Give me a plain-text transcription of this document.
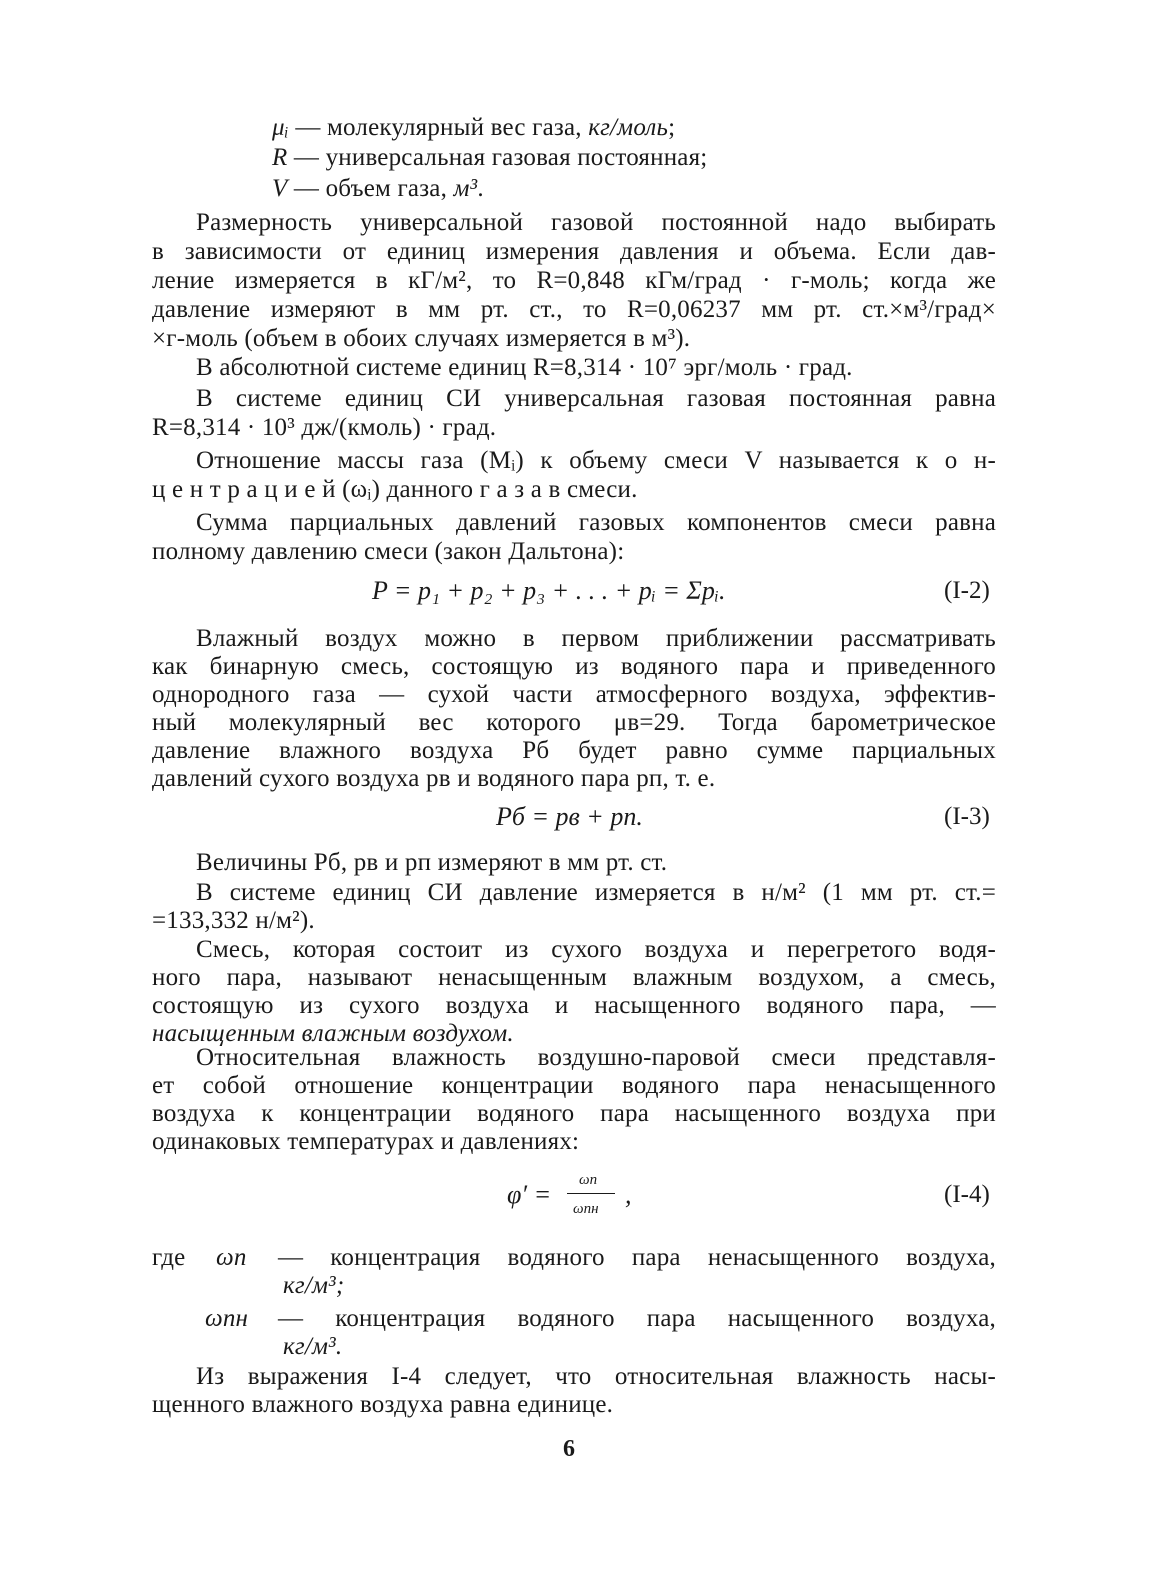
μᵢ — молекулярный вес газа, кг/моль;
R — универсальная газовая постоянная;
V — объем газа, м³.
Размерность универсальной газовой постоянной надо выбирать
в зависимости от единиц измерения давления и объема. Если дав-
ление измеряется в кГ/м², то R=0,848 кГм/град · г-моль; когда же
давление измеряют в мм рт. ст., то R=0,06237 мм рт. ст.×м³/град×
×г-моль (объем в обоих случаях измеряется в м³).
В абсолютной системе единиц R=8,314 · 10⁷ эрг/моль · град.
В системе единиц СИ универсальная газовая постоянная равна
R=8,314 · 10³ дж/(кмоль) · град.
Отношение массы газа (Mᵢ) к объему смеси V называется к о н-
ц е н т р а ц и е й (ωᵢ) данного г а з а в смеси.
Сумма парциальных давлений газовых компонентов смеси равна
полному давлению смеси (закон Дальтона):
P = p₁ + p₂ + p₃ + . . . + pᵢ = Σpᵢ.	(I-2)
Влажный воздух можно в первом приближении рассматривать
как бинарную смесь, состоящую из водяного пара и приведенного
однородного газа — сухой части атмосферного воздуха, эффектив-
ный молекулярный вес которого μв=29. Тогда барометрическое
давление влажного воздуха Pб будет равно сумме парциальных
давлений сухого воздуха pв и водяного пара pп, т. е.
Pб = pв + pп.	(I-3)
Величины Pб, pв и pп измеряют в мм рт. ст.
В системе единиц СИ давление измеряется в н/м² (1 мм рт. ст.=
=133,332 н/м²).
Смесь, которая состоит из сухого воздуха и перегретого водя-
ного пара, называют ненасыщенным влажным воздухом, а смесь,
состоящую из сухого воздуха и насыщенного водяного пара, —
насыщенным влажным воздухом.
Относительная влажность воздушно-паровой смеси представля-
ет собой отношение концентрации водяного пара ненасыщенного
воздуха к концентрации водяного пара насыщенного воздуха при
одинаковых температурах и давлениях:
φ′ = ωп
ωпн ,	(I-4)
где ωп — концентрация водяного пара ненасыщенного воздуха,
кг/м³;
ωпн — концентрация водяного пара насыщенного воздуха,
кг/м³.
Из выражения I-4 следует, что относительная влажность насы-
щенного влажного воздуха равна единице.
6
